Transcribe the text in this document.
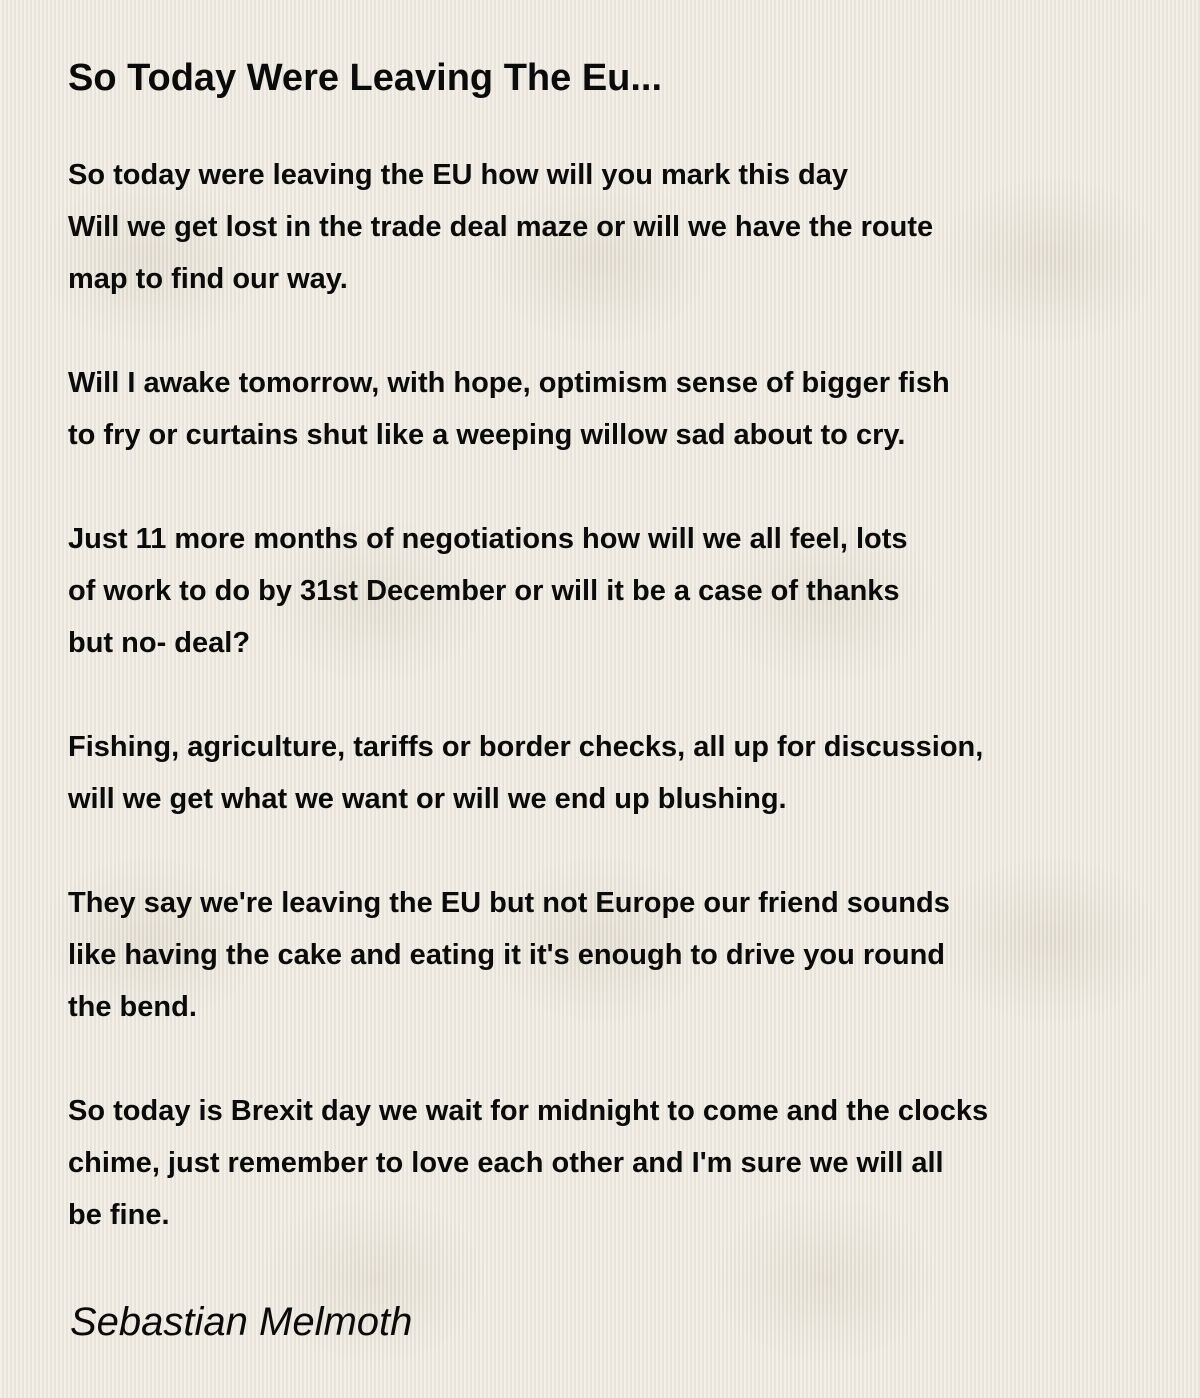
So Today Were Leaving The Eu...
So today were leaving the EU how will you mark this day
Will we get lost in the trade deal maze or will we have the route
map to find our way.
Will I awake tomorrow, with hope, optimism sense of bigger fish
to fry or curtains shut like a weeping willow sad about to cry.
Just 11 more months of negotiations how will we all feel, lots
of work to do by 31st December or will it be a case of thanks
but no- deal?
Fishing, agriculture, tariffs or border checks, all up for discussion,
will we get what we want or will we end up blushing.
They say we're leaving the EU but not Europe our friend sounds
like having the cake and eating it it's enough to drive you round
the bend.
So today is Brexit day we wait for midnight to come and the clocks
chime, just remember to love each other and I'm sure we will all
be fine.

Sebastian Melmoth
